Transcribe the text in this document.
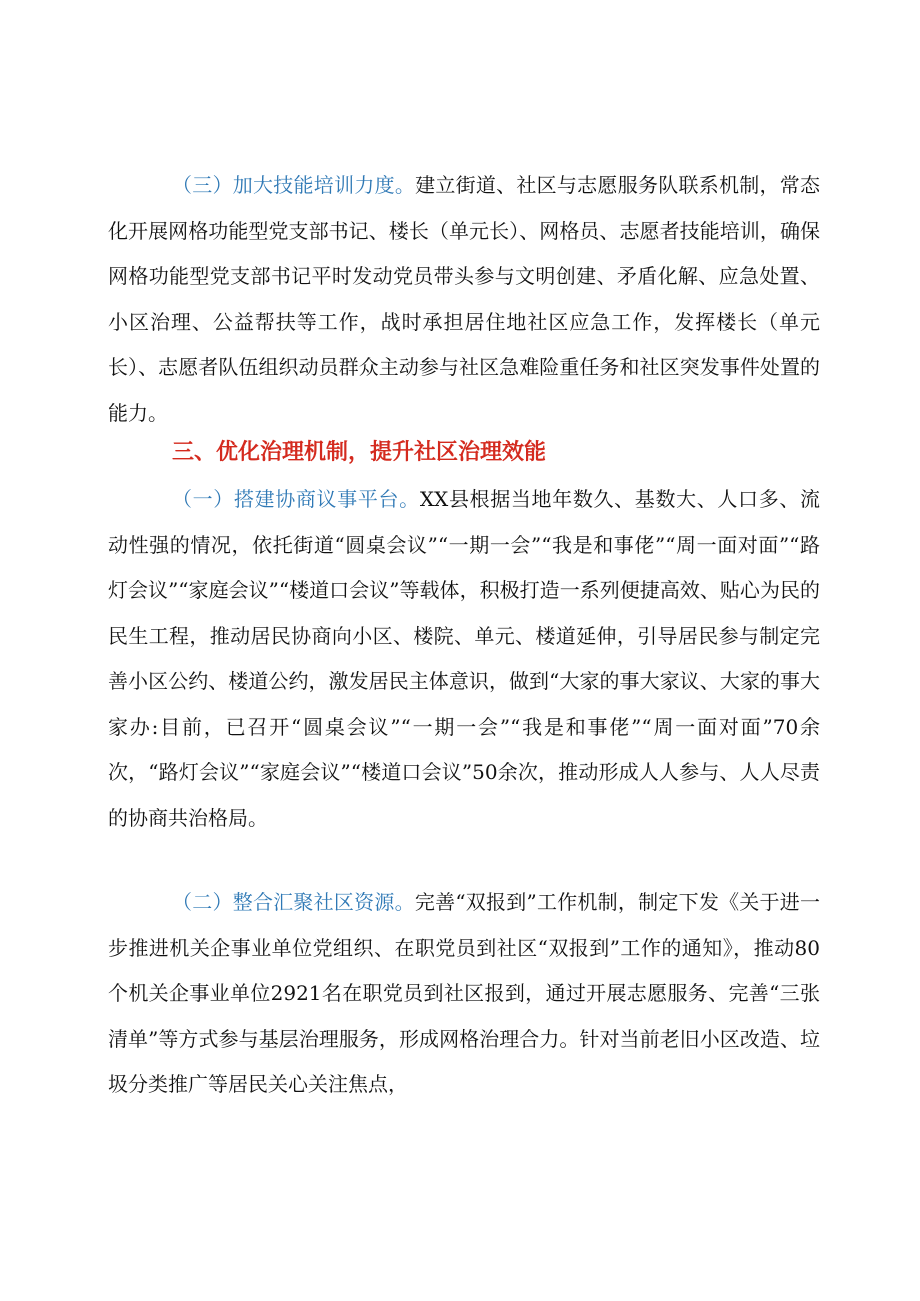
（三）加大技能培训力度。建立街道、社区与志愿服务队联系机制，常态化开展网格功能型党支部书记、楼长（单元长）、网格员、志愿者技能培训，确保网格功能型党支部书记平时发动党员带头参与文明创建、矛盾化解、应急处置、小区治理、公益帮扶等工作，战时承担居住地社区应急工作，发挥楼长（单元长）、志愿者队伍组织动员群众主动参与社区急难险重任务和社区突发事件处置的能力。

三、优化治理机制，提升社区治理效能

（一）搭建协商议事平台。XX县根据当地年数久、基数大、人口多、流动性强的情况，依托街道“圆桌会议”“一期一会”“我是和事佬”“周一面对面”“路灯会议”“家庭会议”“楼道口会议”等载体，积极打造一系列便捷高效、贴心为民的民生工程，推动居民协商向小区、楼院、单元、楼道延伸，引导居民参与制定完善小区公约、楼道公约，激发居民主体意识，做到“大家的事大家议、大家的事大家办:目前，已召开“圆桌会议”“一期一会”“我是和事佬”“周一面对面”70余次，“路灯会议”“家庭会议”“楼道口会议”50余次，推动形成人人参与、人人尽责的协商共治格局。

（二）整合汇聚社区资源。完善“双报到”工作机制，制定下发《关于进一步推进机关企事业单位党组织、在职党员到社区“双报到”工作的通知》，推动80个机关企事业单位2921名在职党员到社区报到，通过开展志愿服务、完善“三张清单”等方式参与基层治理服务，形成网格治理合力。针对当前老旧小区改造、垃圾分类推广等居民关心关注焦点，
